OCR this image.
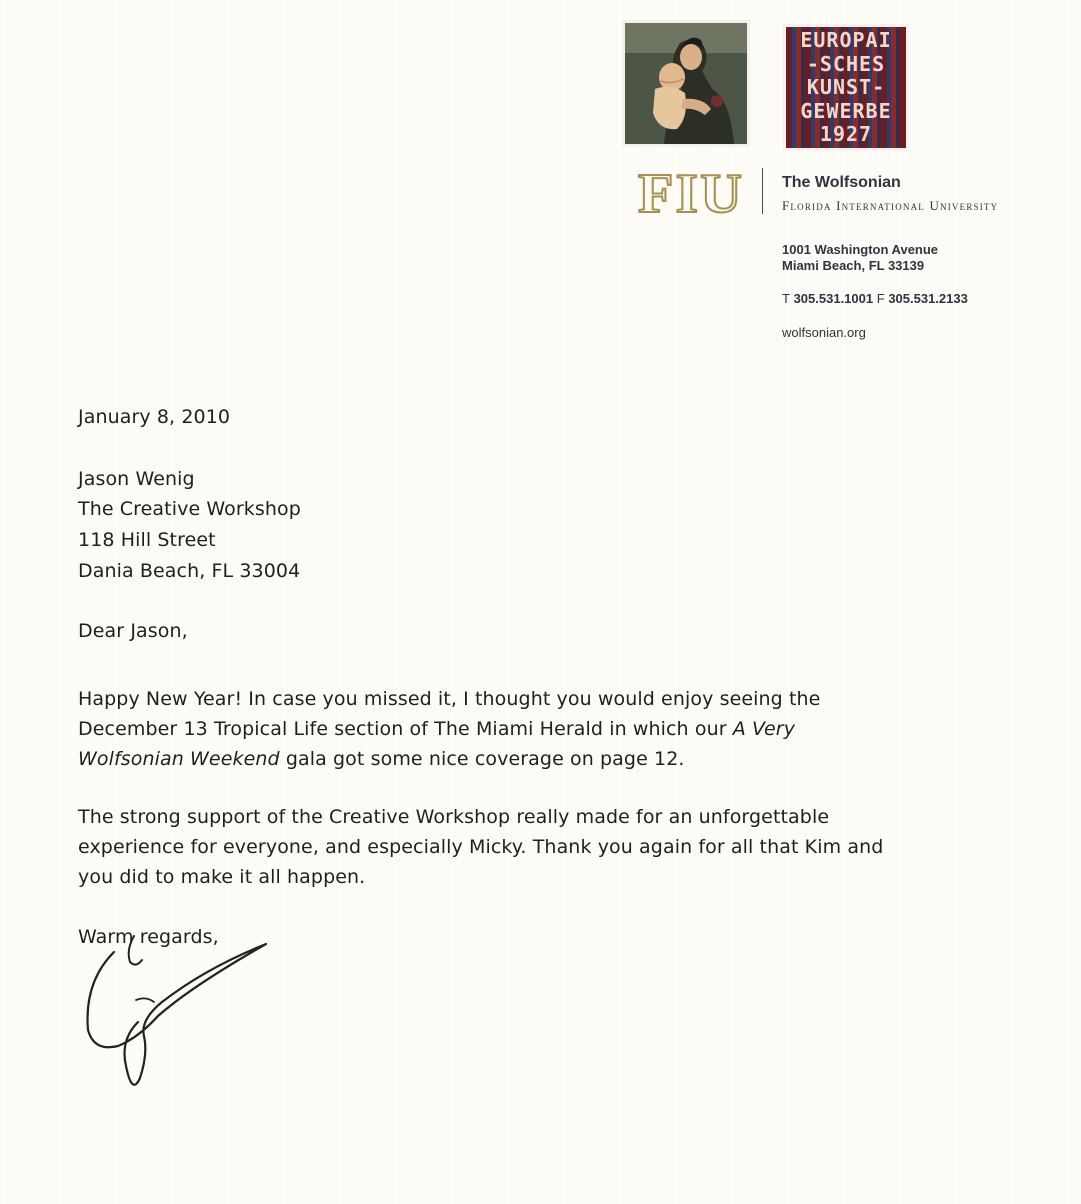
EUROPAI
-SCHES
KUNST-
GEWERBE
1927
FIU The Wolfsonian
Florida International University
1001 Washington Avenue
Miami Beach, FL 33139
T 305.531.1001 F 305.531.2133
wolfsonian.org
January 8, 2010
Jason Wenig
The Creative Workshop
118 Hill Street
Dania Beach, FL 33004
Dear Jason,
Happy New Year! In case you missed it, I thought you would enjoy seeing the
December 13 Tropical Life section of The Miami Herald in which our A Very
Wolfsonian Weekend gala got some nice coverage on page 12.
The strong support of the Creative Workshop really made for an unforgettable
experience for everyone, and especially Micky. Thank you again for all that Kim and
you did to make it all happen.
Warm regards,
